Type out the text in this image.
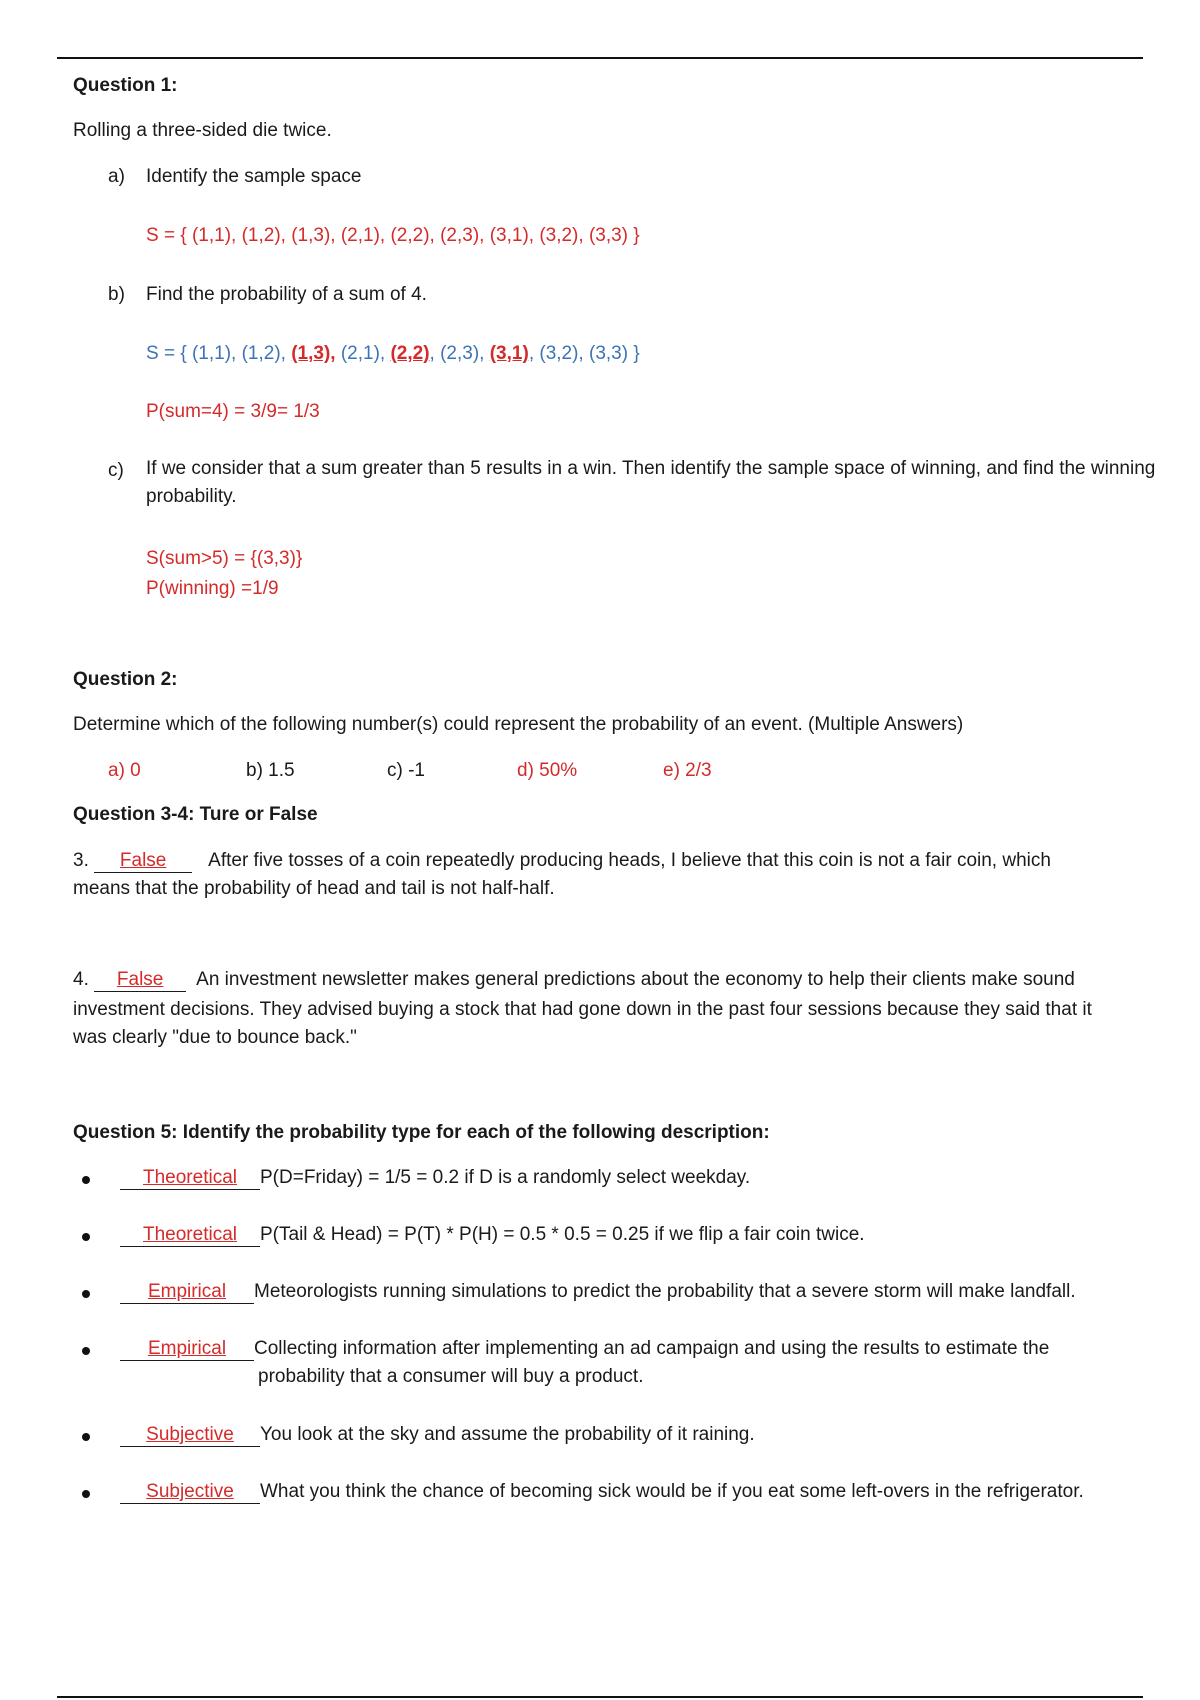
Question 1:
Rolling a three-sided die twice.
a) Identify the sample space
S = { (1,1), (1,2), (1,3), (2,1), (2,2), (2,3), (3,1), (3,2), (3,3) }
b) Find the probability of a sum of 4.
S = { (1,1), (1,2), (1,3), (2,1), (2,2), (2,3), (3,1), (3,2), (3,3) }
P(sum=4) = 3/9= 1/3
c) If we consider that a sum greater than 5 results in a win. Then identify the sample space of winning, and find the winning probability.
S(sum>5) = {(3,3)}
P(winning) =1/9
Question 2:
Determine which of the following number(s) could represent the probability of an event. (Multiple Answers)
a) 0	b) 1.5	c) -1	d) 50%	e) 2/3
Question 3-4: Ture or False
3. False After five tosses of a coin repeatedly producing heads, I believe that this coin is not a fair coin, which
means that the probability of head and tail is not half-half.
4. False An investment newsletter makes general predictions about the economy to help their clients make sound
investment decisions. They advised buying a stock that had gone down in the past four sessions because they said that it
was clearly "due to bounce back."
Question 5: Identify the probability type for each of the following description:
Theoretical P(D=Friday) = 1/5 = 0.2 if D is a randomly select weekday.
Theoretical P(Tail & Head) = P(T) * P(H) = 0.5 * 0.5 = 0.25 if we flip a fair coin twice.
Empirical Meteorologists running simulations to predict the probability that a severe storm will make landfall.
Empirical Collecting information after implementing an ad campaign and using the results to estimate the
probability that a consumer will buy a product.
Subjective You look at the sky and assume the probability of it raining.
Subjective What you think the chance of becoming sick would be if you eat some left-overs in the refrigerator.
